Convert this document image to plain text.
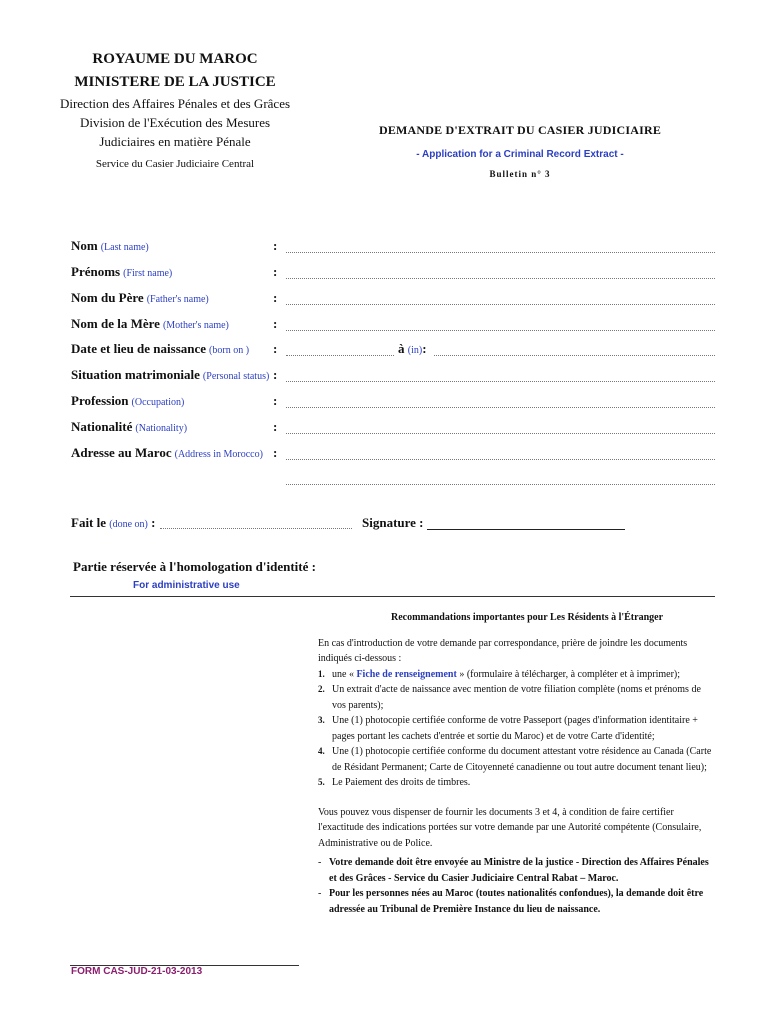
ROYAUME DU MAROC
MINISTERE DE LA JUSTICE
Direction des Affaires Pénales et des Grâces
Division de l'Exécution des Mesures
Judiciaires en matière Pénale
Service du Casier Judiciaire Central
DEMANDE D'EXTRAIT DU CASIER JUDICIAIRE
- Application for a Criminal Record Extract -
Bulletin n° 3
Nom (Last name)	:
Prénoms (First name)	:
Nom du Père (Father's name)	:
Nom de la Mère (Mother's name)	:
Date et lieu de naissance (born on ) :	à (in):
Situation matrimoniale (Personal status) :
Profession (Occupation)	:
Nationalité (Nationality)	:
Adresse au Maroc (Address in Morocco) :
Fait le (done on) :	Signature :
Partie réservée à l'homologation d'identité :
For administrative use
Recommandations importantes pour Les Résidents à l'Étranger

En cas d'introduction de votre demande par correspondance, prière de joindre les documents indiqués ci-dessous :

1. une « Fiche de renseignement » (formulaire à télécharger, à compléter et à imprimer);
2. Un extrait d'acte de naissance avec mention de votre filiation complète (noms et prénoms de vos parents);
3. Une (1) photocopie certifiée conforme de votre Passeport (pages d'information identitaire + pages portant les cachets d'entrée et sortie du Maroc) et de votre Carte d'identité;
4. Une (1) photocopie certifiée conforme du document attestant votre résidence au Canada (Carte de Résidant Permanent; Carte de Citoyenneté canadienne ou tout autre document tenant lieu);
5. Le Paiement des droits de timbres.

Vous pouvez vous dispenser de fournir les documents 3 et 4, à condition de faire certifier l'exactitude des indications portées sur votre demande par une Autorité compétente (Consulaire, Administrative ou de Police.

- Votre demande doit être envoyée au Ministre de la justice - Direction des Affaires Pénales et des Grâces - Service du Casier Judiciaire Central Rabat – Maroc.
- Pour les personnes nées au Maroc (toutes nationalités confondues), la demande doit être adressée au Tribunal de Première Instance du lieu de naissance.
FORM CAS-JUD-21-03-2013
